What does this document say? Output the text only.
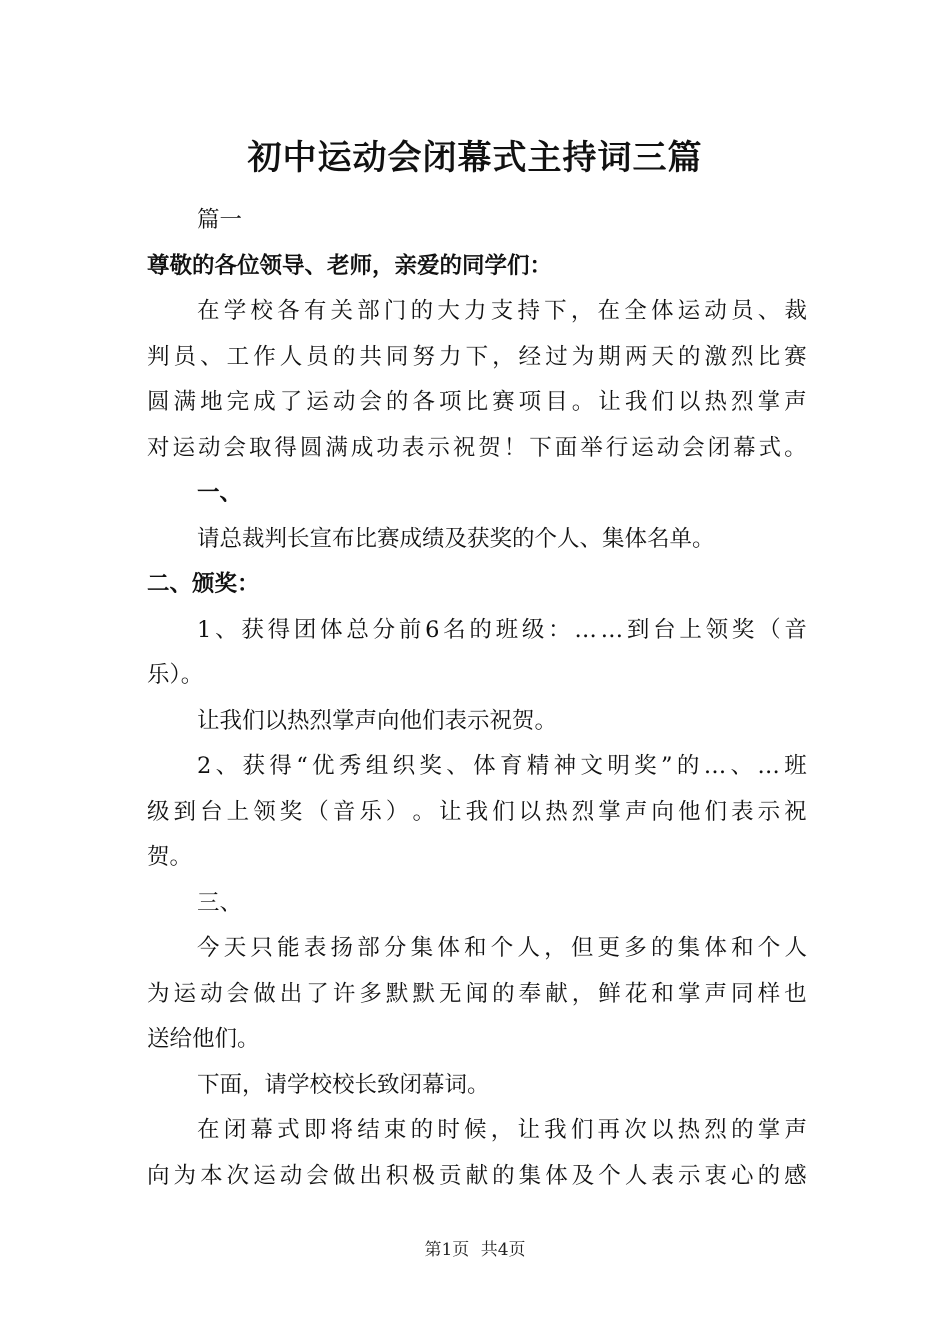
初中运动会闭幕式主持词三篇
篇一
尊敬的各位领导、老师，亲爱的同学们：
在 学 校 各 有 关 部 门 的 大 力 支 持 下 ， 在 全 体 运 动 员 、 裁
判 员 、 工 作 人 员 的 共 同 努 力 下 ， 经 过 为 期 两 天 的 激 烈 比 赛
圆 满 地 完 成 了 运 动 会 的 各 项 比 赛 项 目 。 让 我 们 以 热 烈 掌 声
对 运 动 会 取 得 圆 满 成 功 表 示 祝 贺 ！ 下 面 举 行 运 动 会 闭 幕 式 。
一、
请总裁判长宣布比赛成绩及获奖的个人、集体名单。
二、颁奖：
1 、 获 得 团 体 总 分 前 6 名 的 班 级 ： … … 到 台 上 领 奖 （ 音
乐）。
让我们以热烈掌声向他们表示祝贺。
2 、 获 得 “ 优 秀 组 织 奖 、 体 育 精 神 文 明 奖 ” 的 … 、 … 班
级 到 台 上 领 奖 （ 音 乐 ） 。 让 我 们 以 热 烈 掌 声 向 他 们 表 示 祝
贺。
三、
今 天 只 能 表 扬 部 分 集 体 和 个 人 ， 但 更 多 的 集 体 和 个 人
为 运 动 会 做 出 了 许 多 默 默 无 闻 的 奉 献 ， 鲜 花 和 掌 声 同 样 也
送给他们。
下面，请学校校长致闭幕词。
在 闭 幕 式 即 将 结 束 的 时 候 ， 让 我 们 再 次 以 热 烈 的 掌 声
向 为 本 次 运 动 会 做 出 积 极 贡 献 的 集 体 及 个 人 表 示 衷 心 的 感
第1页 共4页
